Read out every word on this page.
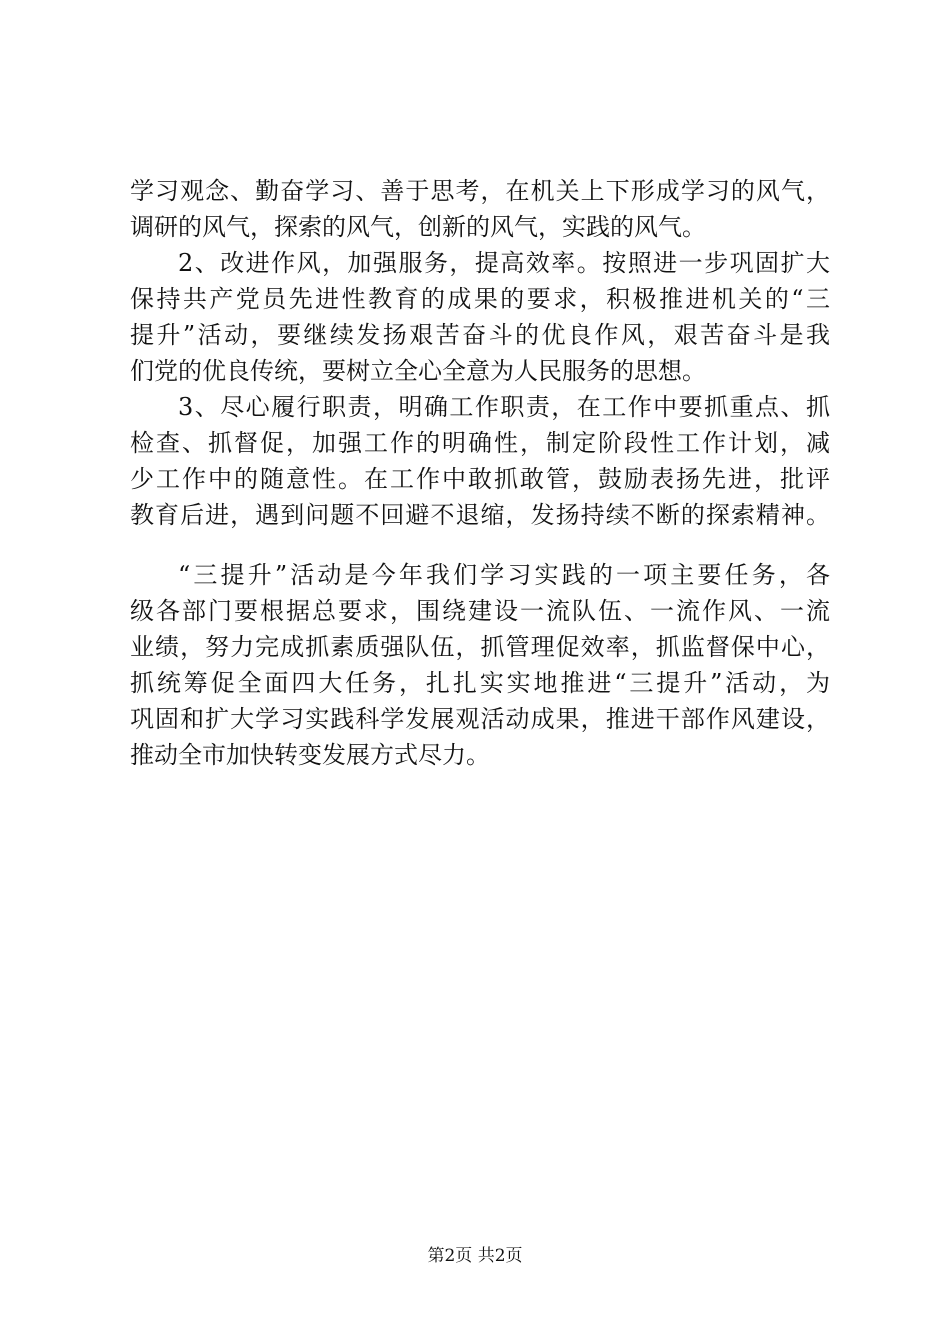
学习观念、勤奋学习、善于思考，在机关上下形成学习的风气，
调研的风气，探索的风气，创新的风气，实践的风气。
2、改进作风，加强服务，提高效率。按照进一步巩固扩大
保持共产党员先进性教育的成果的要求，积极推进机关的“三
提升”活动，要继续发扬艰苦奋斗的优良作风，艰苦奋斗是我
们党的优良传统，要树立全心全意为人民服务的思想。
3、尽心履行职责，明确工作职责，在工作中要抓重点、抓
检查、抓督促，加强工作的明确性，制定阶段性工作计划，减
少工作中的随意性。在工作中敢抓敢管，鼓励表扬先进，批评
教育后进，遇到问题不回避不退缩，发扬持续不断的探索精神。
“三提升”活动是今年我们学习实践的一项主要任务，各
级各部门要根据总要求，围绕建设一流队伍、一流作风、一流
业绩，努力完成抓素质强队伍，抓管理促效率，抓监督保中心，
抓统筹促全面四大任务，扎扎实实地推进“三提升”活动，为
巩固和扩大学习实践科学发展观活动成果，推进干部作风建设，
推动全市加快转变发展方式尽力。
第2页 共2页
